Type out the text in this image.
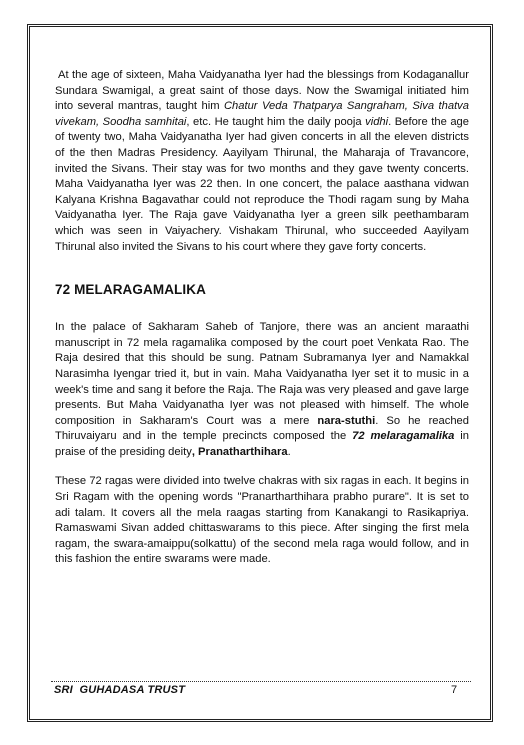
At the age of sixteen, Maha Vaidyanatha Iyer had the blessings from Kodaganallur Sundara Swamigal, a great saint of those days. Now the Swamigal initiated him into several mantras, taught him Chatur Veda Thatparya Sangraham, Siva thatva vivekam, Soodha samhitai, etc. He taught him the daily pooja vidhi. Before the age of twenty two, Maha Vaidyanatha Iyer had given concerts in all the eleven districts of the then Madras Presidency. Aayilyam Thirunal, the Maharaja of Travancore, invited the Sivans. Their stay was for two months and they gave twenty concerts. Maha Vaidyanatha Iyer was 22 then. In one concert, the palace aasthana vidwan Kalyana Krishna Bagavathar could not reproduce the Thodi ragam sung by Maha Vaidyanatha Iyer. The Raja gave Vaidyanatha Iyer a green silk peethambaram which was seen in Vaiyachery. Vishakam Thirunal, who succeeded Aayilyam Thirunal also invited the Sivans to his court where they gave forty concerts.

72 MELARAGAMALIKA

In the palace of Sakharam Saheb of Tanjore, there was an ancient maraathi manuscript in 72 mela ragamalika composed by the court poet Venkata Rao. The Raja desired that this should be sung. Patnam Subramanya Iyer and Namakkal Narasimha Iyengar tried it, but in vain. Maha Vaidyanatha Iyer set it to music in a week's time and sang it before the Raja. The Raja was very pleased and gave large presents. But Maha Vaidyanatha Iyer was not pleased with himself. The whole composition in Sakharam's Court was a mere nara-stuthi. So he reached Thiruvaiyaru and in the temple precincts composed the 72 melaragamalika in praise of the presiding deity, Pranatharthihara.

These 72 ragas were divided into twelve chakras with six ragas in each. It begins in Sri Ragam with the opening words "Pranartharthihara prabho purare". It is set to adi talam. It covers all the mela raagas starting from Kanakangi to Rasikapriya. Ramaswami Sivan added chittaswarams to this piece. After singing the first mela ragam, the swara-amaippu(solkattu) of the second mela raga would follow, and in this fashion the entire swarams were made.

SRI  GUHADASA TRUST	7
